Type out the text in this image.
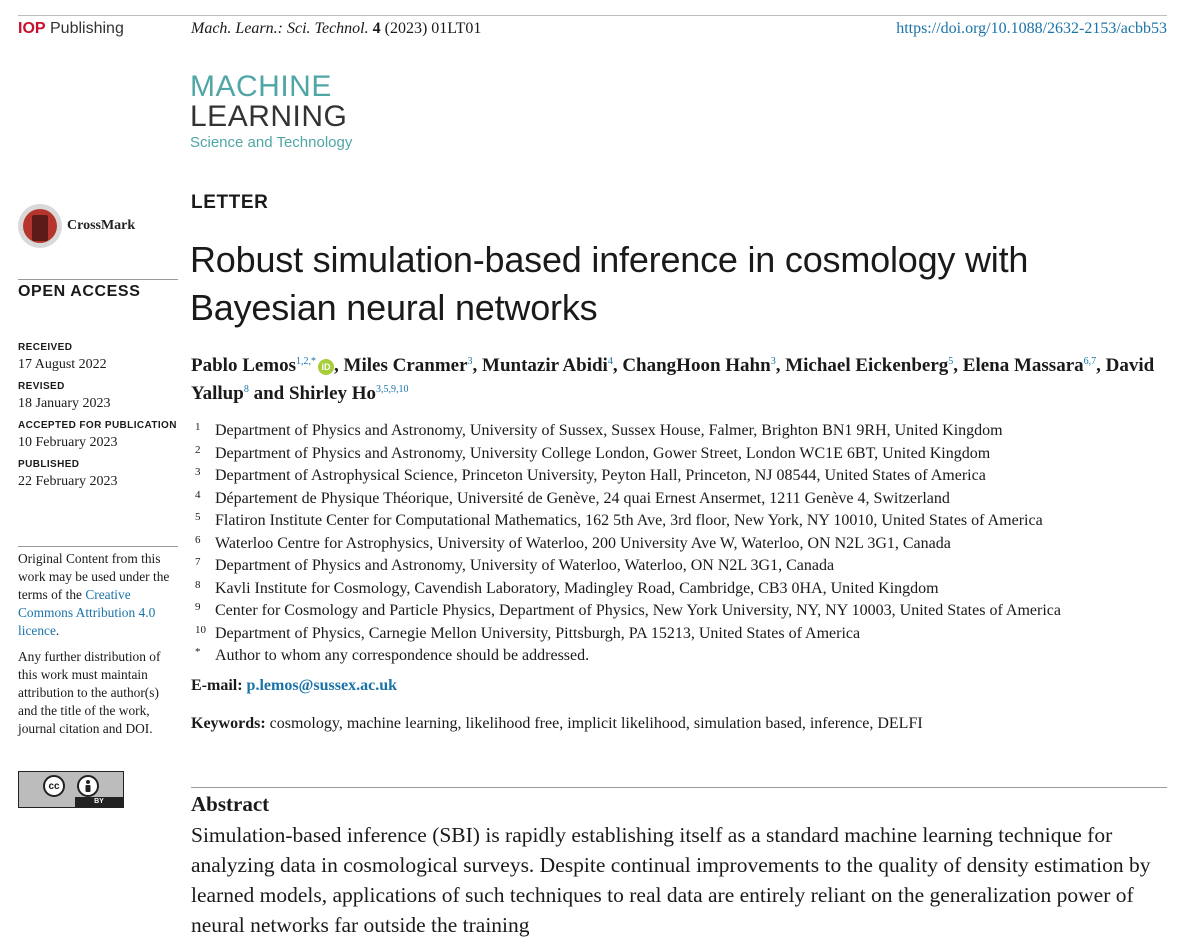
IOP Publishing	Mach. Learn.: Sci. Technol. 4 (2023) 01LT01	https://doi.org/10.1088/2632-2153/acbb53
MACHINE
LEARNING
Science and Technology
CrossMark
OPEN ACCESS
RECEIVED
17 August 2022
REVISED
18 January 2023
ACCEPTED FOR PUBLICATION
10 February 2023
PUBLISHED
22 February 2023

Original Content from this work may be used under the terms of the Creative Commons Attribution 4.0 licence.

Any further distribution of this work must maintain attribution to the author(s) and the title of the work, journal citation and DOI.

cc
BY
LETTER
Robust simulation-based inference in cosmology with Bayesian neural networks
Pablo Lemos$^{1,2,*}$ iD , Miles Cranmer$^3$, Muntazir Abidi$^4$, ChangHoon Hahn$^3$, Michael Eickenberg$^5$, Elena Massara$^{6,7}$, David Yallup$^8$ and Shirley Ho$^{3,5,9,10}$
1 Department of Physics and Astronomy, University of Sussex, Sussex House, Falmer, Brighton BN1 9RH, United Kingdom
2 Department of Physics and Astronomy, University College London, Gower Street, London WC1E 6BT, United Kingdom
3 Department of Astrophysical Science, Princeton University, Peyton Hall, Princeton, NJ 08544, United States of America
4 Département de Physique Théorique, Université de Genève, 24 quai Ernest Ansermet, 1211 Genève 4, Switzerland
5 Flatiron Institute Center for Computational Mathematics, 162 5th Ave, 3rd floor, New York, NY 10010, United States of America
6 Waterloo Centre for Astrophysics, University of Waterloo, 200 University Ave W, Waterloo, ON N2L 3G1, Canada
7 Department of Physics and Astronomy, University of Waterloo, Waterloo, ON N2L 3G1, Canada
8 Kavli Institute for Cosmology, Cavendish Laboratory, Madingley Road, Cambridge, CB3 0HA, United Kingdom
9 Center for Cosmology and Particle Physics, Department of Physics, New York University, NY, NY 10003, United States of America
10 Department of Physics, Carnegie Mellon University, Pittsburgh, PA 15213, United States of America
* Author to whom any correspondence should be addressed.
E-mail: p.lemos@sussex.ac.uk
Keywords: cosmology, machine learning, likelihood free, implicit likelihood, simulation based, inference, DELFI
Abstract

Simulation-based inference (SBI) is rapidly establishing itself as a standard machine learning technique for analyzing data in cosmological surveys. Despite continual improvements to the quality of density estimation by learned models, applications of such techniques to real data are entirely reliant on the generalization power of neural networks far outside the training
